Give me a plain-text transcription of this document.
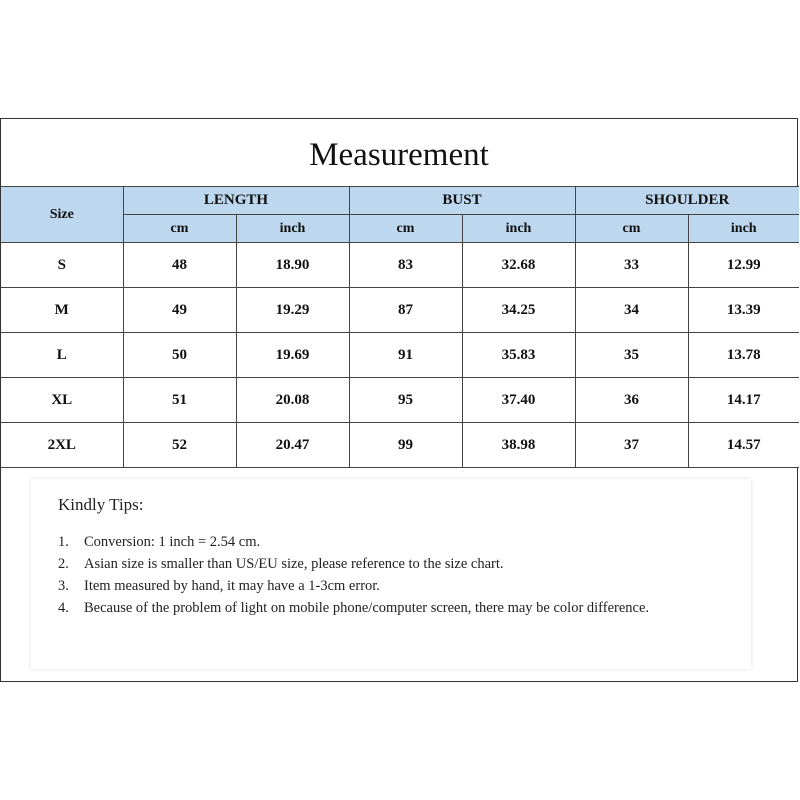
Measurement
Size	LENGTH		BUST		SHOULDER	
	cm	inch	cm	inch	cm	inch
S	48	18.90	83	32.68	33	12.99
M	49	19.29	87	34.25	34	13.39
L	50	19.69	91	35.83	35	13.78
XL	51	20.08	95	37.40	36	14.17
2XL	52	20.47	99	38.98	37	14.57
Kindly Tips:
1. Conversion: 1 inch = 2.54 cm.
2. Asian size is smaller than US/EU size, please reference to the size chart.
3. Item measured by hand, it may have a 1-3cm error.
4. Because of the problem of light on mobile phone/computer screen, there may be color difference.
